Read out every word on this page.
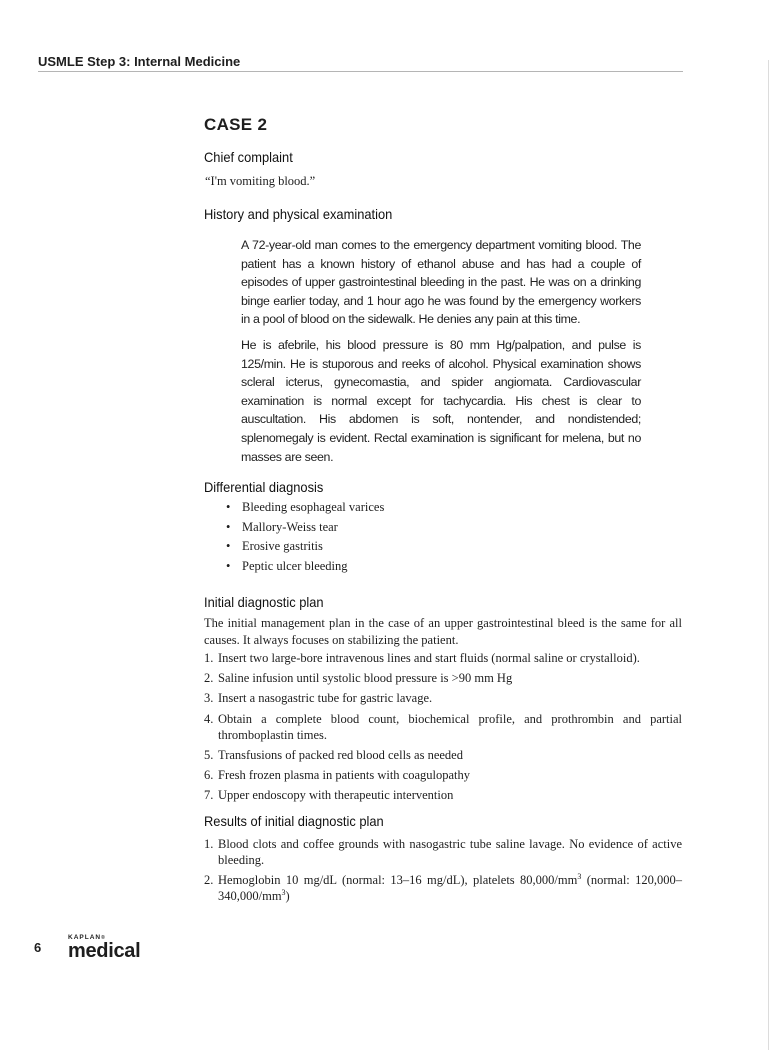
USMLE Step 3: Internal Medicine
CASE 2
Chief complaint
“I'm vomiting blood.”
History and physical examination

A 72-year-old man comes to the emergency department vomiting blood. The patient has a known history of ethanol abuse and has had a couple of episodes of upper gastrointestinal bleeding in the past. He was on a drinking binge earlier today, and 1 hour ago he was found by the emergency workers in a pool of blood on the sidewalk. He denies any pain at this time.

He is afebrile, his blood pressure is 80 mm Hg/palpation, and pulse is 125/min. He is stuporous and reeks of alcohol. Physical examination shows scleral icterus, gynecomastia, and spider angiomata. Cardiovascular examination is normal except for tachycardia. His chest is clear to auscultation. His abdomen is soft, nontender, and nondistended; splenomegaly is evident. Rectal examination is significant for melena, but no masses are seen.

Differential diagnosis
• Bleeding esophageal varices
• Mallory-Weiss tear
• Erosive gastritis
• Peptic ulcer bleeding
Initial diagnostic plan

The initial management plan in the case of an upper gastrointestinal bleed is the same for all causes. It always focuses on stabilizing the patient.

1. Insert two large-bore intravenous lines and start fluids (normal saline or crystalloid).
2. Saline infusion until systolic blood pressure is >90 mm Hg
3. Insert a nasogastric tube for gastric lavage.
4. Obtain a complete blood count, biochemical profile, and prothrombin and partial thromboplastin times.
5. Transfusions of packed red blood cells as needed
6. Fresh frozen plasma in patients with coagulopathy
7. Upper endoscopy with therapeutic intervention
Results of initial diagnostic plan
1. Blood clots and coffee grounds with nasogastric tube saline lavage. No evidence of active bleeding.
2. Hemoglobin 10 mg/dL (normal: 13–16 mg/dL), platelets $80,000/mm^3$ (normal: $120,000-340,000/mm^3$)
6
KAPLAN®
medical
